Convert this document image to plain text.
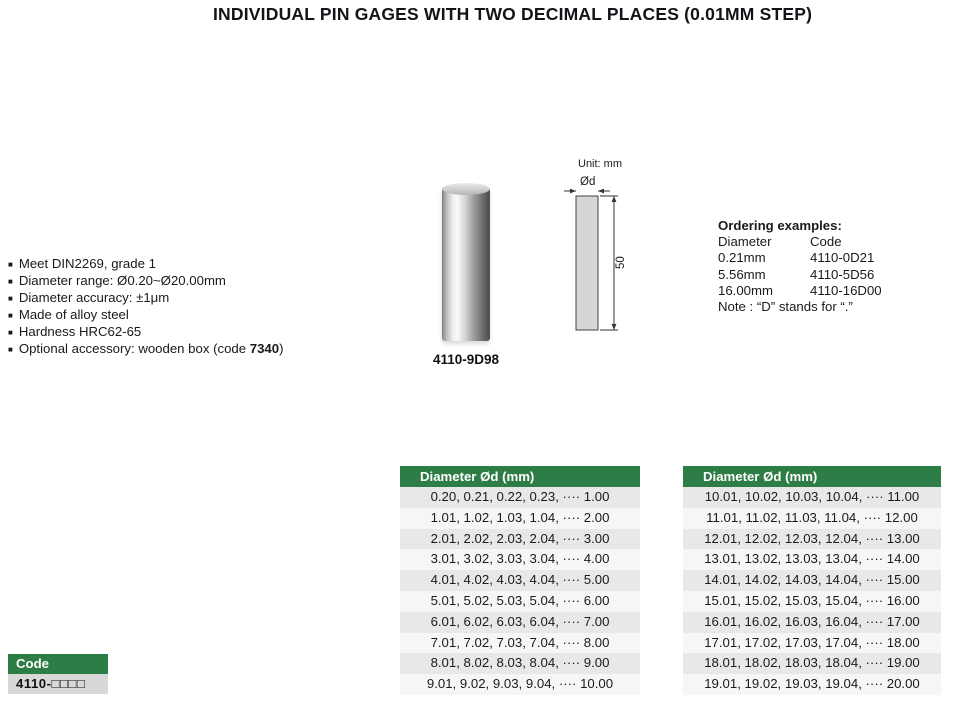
INDIVIDUAL PIN GAGES WITH TWO DECIMAL PLACES (0.01MM STEP)
■ Meet DIN2269, grade 1
■ Diameter range: Ø0.20~Ø20.00mm
■ Diameter accuracy: ±1μm
■ Made of alloy steel
■ Hardness HRC62-65
■ Optional accessory: wooden box (code 7340)
4110-9D98
Unit: mm
Ød
50
Ordering examples:
Diameter	Code
0.21mm	4110-0D21
5.56mm	4110-5D56
16.00mm	4110-16D00
Note : “D” stands for “.”
Code
4110-□□□□
Diameter Ød (mm)
0.20, 0.21, 0.22, 0.23, ···· 1.00
1.01, 1.02, 1.03, 1.04, ···· 2.00
2.01, 2.02, 2.03, 2.04, ···· 3.00
3.01, 3.02, 3.03, 3.04, ···· 4.00
4.01, 4.02, 4.03, 4.04, ···· 5.00
5.01, 5.02, 5.03, 5.04, ···· 6.00
6.01, 6.02, 6.03, 6.04, ···· 7.00
7.01, 7.02, 7.03, 7.04, ···· 8.00
8.01, 8.02, 8.03, 8.04, ···· 9.00
9.01, 9.02, 9.03, 9.04, ···· 10.00
Diameter Ød (mm)
10.01, 10.02, 10.03, 10.04, ···· 11.00
11.01, 11.02, 11.03, 11.04, ···· 12.00
12.01, 12.02, 12.03, 12.04, ···· 13.00
13.01, 13.02, 13.03, 13.04, ···· 14.00
14.01, 14.02, 14.03, 14.04, ···· 15.00
15.01, 15.02, 15.03, 15.04, ···· 16.00
16.01, 16.02, 16.03, 16.04, ···· 17.00
17.01, 17.02, 17.03, 17.04, ···· 18.00
18.01, 18.02, 18.03, 18.04, ···· 19.00
19.01, 19.02, 19.03, 19.04, ···· 20.00
